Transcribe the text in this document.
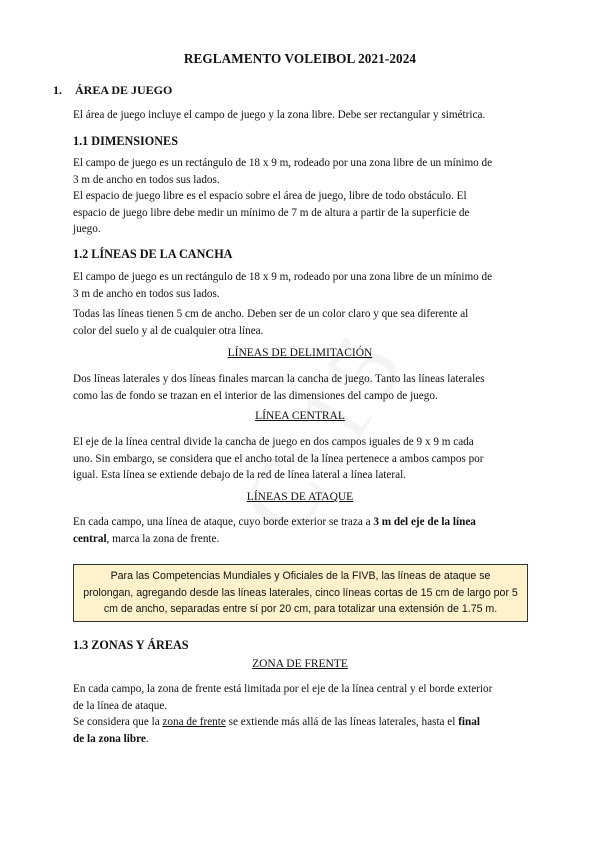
REGLAMENTO VOLEIBOL 2021-2024
1. ÁREA DE JUEGO
El área de juego incluye el campo de juego y la zona libre. Debe ser rectangular y simétrica.
1.1 DIMENSIONES
El campo de juego es un rectángulo de 18 x 9 m, rodeado por una zona libre de un mínimo de
3 m de ancho en todos sus lados.
El espacio de juego libre es el espacio sobre el área de juego, libre de todo obstáculo. El
espacio de juego libre debe medir un mínimo de 7 m de altura a partir de la superficie de
juego.
1.2 LÍNEAS DE LA CANCHA
El campo de juego es un rectángulo de 18 x 9 m, rodeado por una zona libre de un mínimo de
3 m de ancho en todos sus lados.
Todas las líneas tienen 5 cm de ancho. Deben ser de un color claro y que sea diferente al
color del suelo y al de cualquier otra línea.
LÍNEAS DE DELIMITACIÓN
Dos líneas laterales y dos líneas finales marcan la cancha de juego. Tanto las líneas laterales
como las de fondo se trazan en el interior de las dimensiones del campo de juego.
LÍNEA CENTRAL
El eje de la línea central divide la cancha de juego en dos campos iguales de 9 x 9 m cada
uno. Sin embargo, se considera que el ancho total de la línea pertenece a ambos campos por
igual. Esta línea se extiende debajo de la red de línea lateral a línea lateral.
LÍNEAS DE ATAQUE
En cada campo, una línea de ataque, cuyo borde exterior se traza a 3 m del eje de la línea
central, marca la zona de frente.
Para las Competencias Mundiales y Oficiales de la FIVB, las líneas de ataque se
prolongan, agregando desde las líneas laterales, cinco líneas cortas de 15 cm de largo por 5
cm de ancho, separadas entre sí por 20 cm, para totalizar una extensión de 1.75 m.
1.3 ZONAS Y ÁREAS
ZONA DE FRENTE
En cada campo, la zona de frente está limitada por el eje de la línea central y el borde exterior
de la línea de ataque.
Se considera que la zona de frente se extiende más allá de las líneas laterales, hasta el final
de la zona libre.
